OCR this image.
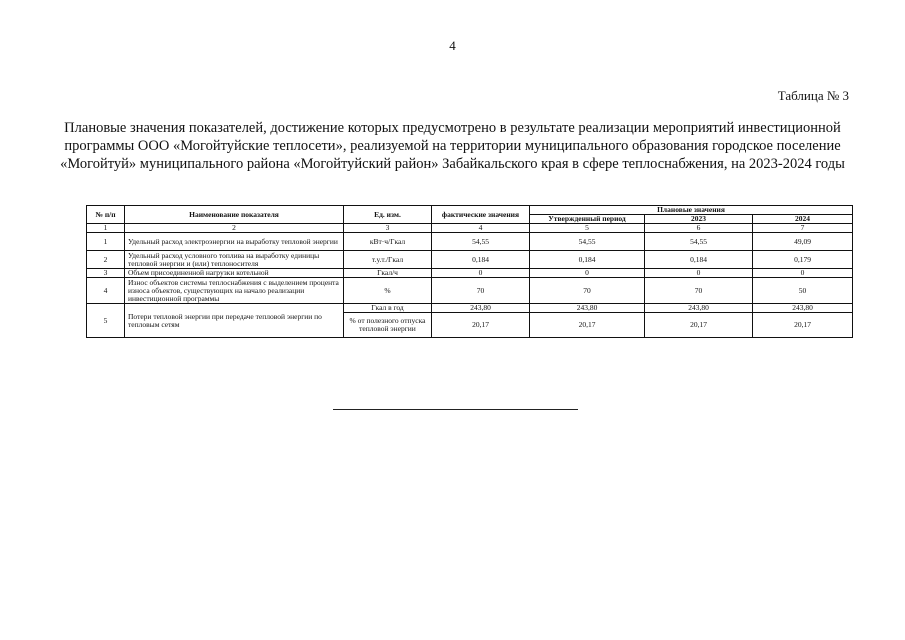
4
Таблица № 3
Плановые значения показателей, достижение которых предусмотрено в результате реализации мероприятий инвестиционной программы ООО «Могойтуйские теплосети», реализуемой на территории муниципального образования городское поселение «Могойтуй» муниципального района «Могойтуйский район» Забайкальского края в сфере теплоснабжения, на 2023-2024 годы
№ п/п	Наименование показателя	Ед. изм.	фактические значения	Плановые значения		
				Утвержденный период	2023	2024
1	2	3	4	5	6	7
1	Удельный расход электроэнергии на выработку тепловой энергии	кВт·ч/Гкал	54,55	54,55	54,55	49,09
2	Удельный расход условного топлива на выработку единицы тепловой энергии и (или) теплоносителя	т.у.т./Гкал	0,184	0,184	0,184	0,179
3	Объем присоединенной нагрузки котельной	Гкал/ч	0	0	0	0
4	Износ объектов системы теплоснабжения с выделением процента износа объектов, существующих на начало реализации инвестиционной программы	%	70	70	70	50
5	Потери тепловой энергии при передаче тепловой энергии по тепловым сетям	Гкал в год	243,80	243,80	243,80	243,80
		% от полезного отпуска тепловой энергии	20,17	20,17	20,17	20,17
